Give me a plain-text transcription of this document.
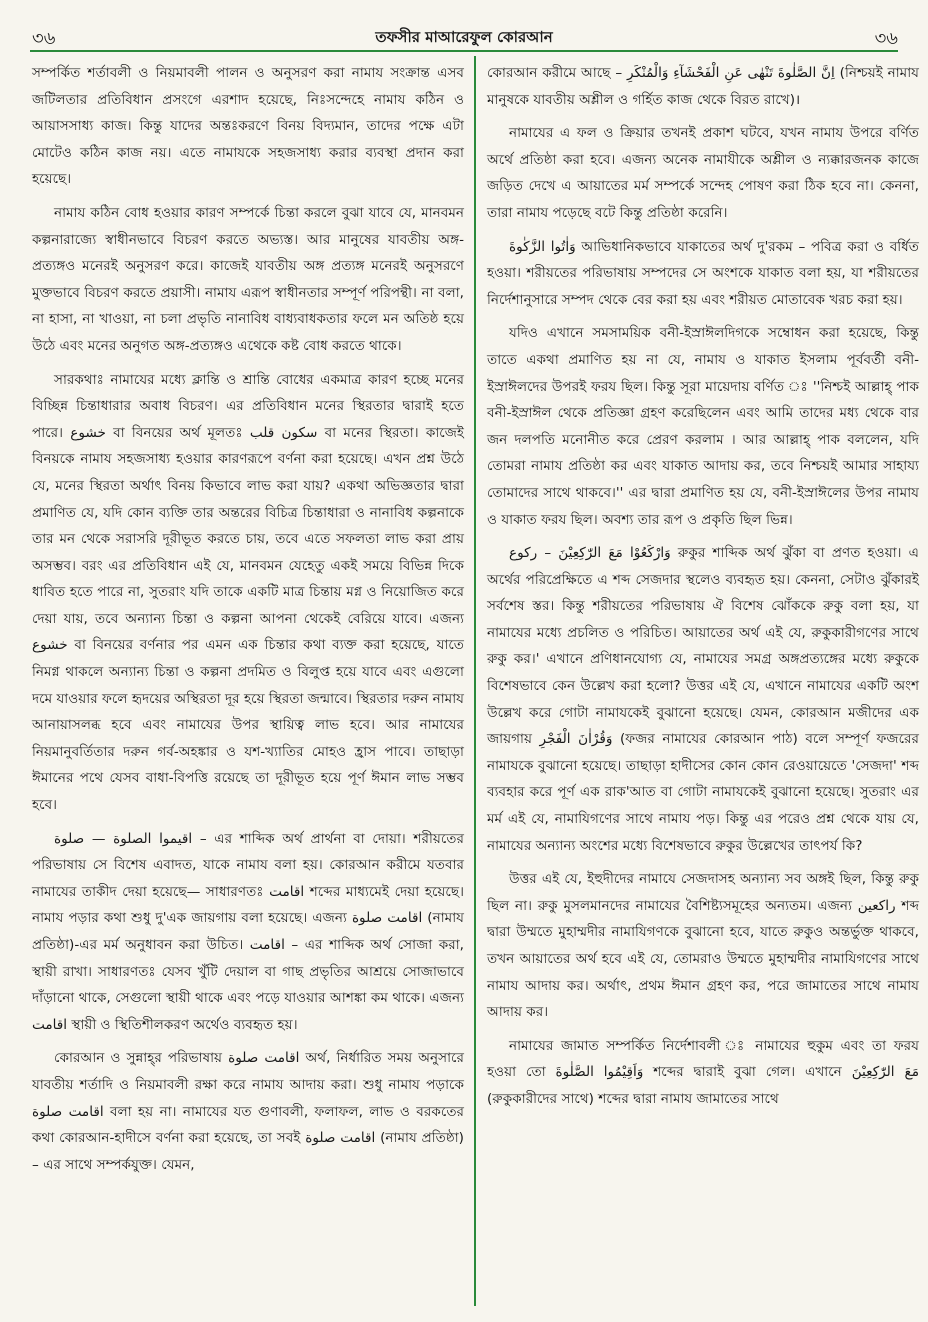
৩৬	তফসীর মাআরেফুল কোরআন	৩৬

সম্পর্কিত শর্তাবলী ও নিয়মাবলী পালন ও অনুসরণ করা নামায সংক্রান্ত এসব জটিলতার প্রতিবিধান প্রসংগে এরশাদ হয়েছে, নিঃসন্দেহে নামায কঠিন ও আয়াসসাধ্য কাজ। কিন্তু যাদের অন্তঃকরণে বিনয় বিদ্যমান, তাদের পক্ষে এটা মোটেও কঠিন কাজ নয়। এতে নামাযকে সহজসাধ্য করার ব্যবস্থা প্রদান করা হয়েছে।

নামায কঠিন বোধ হওয়ার কারণ সম্পর্কে চিন্তা করলে বুঝা যাবে যে, মানবমন কল্পনারাজ্যে স্বাধীনভাবে বিচরণ করতে অভ্যস্ত। আর মানুষের যাবতীয় অঙ্গ-প্রত্যঙ্গও মনেরই অনুসরণ করে। কাজেই যাবতীয় অঙ্গ প্রত্যঙ্গ মনেরই অনুসরণে মুক্তভাবে বিচরণ করতে প্রয়াসী। নামায এরূপ স্বাধীনতার সম্পূর্ণ পরিপন্থী। না বলা, না হাসা, না খাওয়া, না চলা প্রভৃতি নানাবিধ বাধ্যবাধকতার ফলে মন অতিষ্ঠ হয়ে উঠে এবং মনের অনুগত অঙ্গ-প্রত্যঙ্গও এথেকে কষ্ট বোধ করতে থাকে।

সারকথাঃ নামাযের মধ্যে ক্লান্তি ও শ্রান্তি বোধের একমাত্র কারণ হচ্ছে মনের বিচ্ছিন্ন চিন্তাধারার অবাধ বিচরণ। এর প্রতিবিধান মনের স্থিরতার দ্বারাই হতে পারে। خشوع বা বিনয়ের অর্থ মূলতঃ سكون قلب বা মনের স্থিরতা। কাজেই বিনয়কে নামায সহজসাধ্য হওয়ার কারণরূপে বর্ণনা করা হয়েছে। এখন প্রশ্ন উঠে যে, মনের স্থিরতা অর্থাৎ বিনয় কিভাবে লাভ করা যায়? একথা অভিজ্ঞতার দ্বারা প্রমাণিত যে, যদি কোন ব্যক্তি তার অন্তরের বিচিত্র চিন্তাধারা ও নানাবিধ কল্পনাকে তার মন থেকে সরাসরি দূরীভূত করতে চায়, তবে এতে সফলতা লাভ করা প্রায় অসম্ভব। বরং এর প্রতিবিধান এই যে, মানবমন যেহেতু একই সময়ে বিভিন্ন দিকে ধাবিত হতে পারে না, সুতরাং যদি তাকে একটি মাত্র চিন্তায় মগ্ন ও নিয়োজিত করে দেয়া যায়, তবে অন্যান্য চিন্তা ও কল্পনা আপনা থেকেই বেরিয়ে যাবে। এজন্য خشوع বা বিনয়ের বর্ণনার পর এমন এক চিন্তার কথা ব্যক্ত করা হয়েছে, যাতে নিমগ্ন থাকলে অন্যান্য চিন্তা ও কল্পনা প্রদমিত ও বিলুপ্ত হয়ে যাবে এবং এগুলো দমে যাওয়ার ফলে হৃদয়ের অস্থিরতা দূর হয়ে স্থিরতা জন্মাবে। স্থিরতার দরুন নামায আনায়াসলব্ধ হবে এবং নামাযের উপর স্থায়িত্ব লাভ হবে। আর নামাযের নিয়মানুবর্তিতার দরুন গর্ব-অহঙ্কার ও যশ-খ্যাতির মোহও হ্রাস পাবে। তাছাড়া ঈমানের পথে যেসব বাধা-বিপত্তি রয়েছে তা দূরীভূত হয়ে পূর্ণ ঈমান লাভ সম্ভব হবে।

اقيموا الصلوة — صلوة – এর শাব্দিক অর্থ প্রার্থনা বা দোয়া। শরীয়তের পরিভাষায় সে বিশেষ এবাদত, যাকে নামায বলা হয়। কোরআন করীমে যতবার নামাযের তাকীদ দেয়া হয়েছে— সাধারণতঃ اقامت শব্দের মাধ্যমেই দেয়া হয়েছে। নামায পড়ার কথা শুধু দু'এক জায়গায় বলা হয়েছে। এজন্য اقامت صلوة (নামায প্রতিষ্ঠা)-এর মর্ম অনুধাবন করা উচিত। اقامت – এর শাব্দিক অর্থ সোজা করা, স্থায়ী রাখা। সাধারণতঃ যেসব খুঁটি দেয়াল বা গাছ প্রভৃতির আশ্রয়ে সোজাভাবে দাঁড়ানো থাকে, সেগুলো স্থায়ী থাকে এবং পড়ে যাওয়ার আশঙ্কা কম থাকে। এজন্য اقامت স্থায়ী ও স্থিতিশীলকরণ অর্থেও ব্যবহৃত হয়।

কোরআন ও সুন্নাহ্‌র পরিভাষায় اقامت صلوة অর্থ, নির্ধারিত সময় অনুসারে যাবতীয় শর্তাদি ও নিয়মাবলী রক্ষা করে নামায আদায় করা। শুধু নামায পড়াকে اقامت صلوة বলা হয় না। নামাযের যত গুণাবলী, ফলাফল, লাভ ও বরকতের কথা কোরআন-হাদীসে বর্ণনা করা হয়েছে, তা সবই اقامت صلوة (নামায প্রতিষ্ঠা) – এর সাথে সম্পর্কযুক্ত। যেমন,

কোরআন করীমে আছে – اِنَّ الصَّلٰوةَ تَنْهٰى عَنِ الْفَحْشَآءِ وَالْمُنْكَرِ (নিশ্চয়ই নামায মানুষকে যাবতীয় অশ্লীল ও গর্হিত কাজ থেকে বিরত রাখে)।

নামাযের এ ফল ও ক্রিয়ার তখনই প্রকাশ ঘটবে, যখন নামায উপরে বর্ণিত অর্থে প্রতিষ্ঠা করা হবে। এজন্য অনেক নামাযীকে অশ্লীল ও ন্যক্কারজনক কাজে জড়িত দেখে এ আয়াতের মর্ম সম্পর্কে সন্দেহ পোষণ করা ঠিক হবে না। কেননা, তারা নামায পড়েছে বটে কিন্তু প্রতিষ্ঠা করেনি।

وَاٰتُوا الزَّكٰوةَ আভিধানিকভাবে যাকাতের অর্থ দু'রকম – পবিত্র করা ও বর্ধিত হওয়া। শরীয়তের পরিভাষায় সম্পদের সে অংশকে যাকাত বলা হয়, যা শরীয়তের নির্দেশানুসারে সম্পদ থেকে বের করা হয় এবং শরীয়ত মোতাবেক খরচ করা হয়।

যদিও এখানে সমসাময়িক বনী-ইস্রাঈলদিগকে সম্বোধন করা হয়েছে, কিন্তু তাতে একথা প্রমাণিত হয় না যে, নামায ও যাকাত ইসলাম পূর্ববর্তী বনী-ইস্রাঈলদের উপরই ফরয ছিল। কিন্তু সূরা মায়েদায় বর্ণিত ঃ ''নিশ্চই আল্লাহ্‌ পাক বনী-ইস্রাঈল থেকে প্রতিজ্ঞা গ্রহণ করেছিলেন এবং আমি তাদের মধ্য থেকে বার জন দলপতি মনোনীত করে প্রেরণ করলাম । আর আল্লাহ্‌ পাক বললেন, যদি তোমরা নামায প্রতিষ্ঠা কর এবং যাকাত আদায় কর, তবে নিশ্চয়ই আমার সাহায্য তোমাদের সাথে থাকবে।'' এর দ্বারা প্রমাণিত হয় যে, বনী-ইস্রাঈলের উপর নামায ও যাকাত ফরয ছিল। অবশ্য তার রূপ ও প্রকৃতি ছিল ভিন্ন।

وَارْكَعُوْا مَعَ الرّٰكِعِيْنَ – ركوع রুকুর শাব্দিক অর্থ ঝুঁকা বা প্রণত হওয়া। এ অর্থের পরিপ্রেক্ষিতে এ শব্দ সেজদার স্থলেও ব্যবহৃত হয়। কেননা, সেটাও ঝুঁকারই সর্বশেষ স্তর। কিন্তু শরীয়তের পরিভাষায় ঐ বিশেষ ঝোঁককে রুকু বলা হয়, যা নামাযের মধ্যে প্রচলিত ও পরিচিত। আয়াতের অর্থ এই যে, রুকুকারীগণের সাথে রুকু কর।' এখানে প্রণিধানযোগ্য যে, নামাযের সমগ্র অঙ্গপ্রত্যঙ্গের মধ্যে রুকুকে বিশেষভাবে কেন উল্লেখ করা হলো? উত্তর এই যে, এখানে নামাযের একটি অংশ উল্লেখ করে গোটা নামাযকেই বুঝানো হয়েছে। যেমন, কোরআন মজীদের এক জায়গায় وَقُرْاٰنَ الْفَجْرِ (ফজর নামাযের কোরআন পাঠ) বলে সম্পূর্ণ ফজরের নামাযকে বুঝানো হয়েছে। তাছাড়া হাদীসের কোন কোন রেওয়ায়েতে 'সেজদা' শব্দ ব্যবহার করে পূর্ণ এক রাক'আত বা গোটা নামাযকেই বুঝানো হয়েছে। সুতরাং এর মর্ম এই যে, নামাযিগণের সাথে নামায পড়। কিন্তু এর পরেও প্রশ্ন থেকে যায় যে, নামাযের অন্যান্য অংশের মধ্যে বিশেষভাবে রুকুর উল্লেখের তাৎপর্য কি?

উত্তর এই যে, ইহুদীদের নামাযে সেজদাসহ অন্যান্য সব অঙ্গই ছিল, কিন্তু রুকু ছিল না। রুকু মুসলমানদের নামাযের বৈশিষ্ট্যসমূহের অন্যতম। এজন্য راكعين শব্দ দ্বারা উম্মতে মুহাম্মদীর নামাযিগণকে বুঝানো হবে, যাতে রুকুও অন্তর্ভুক্ত থাকবে, তখন আয়াতের অর্থ হবে এই যে, তোমরাও উম্মতে মুহাম্মদীর নামাযিগণের সাথে নামায আদায় কর। অর্থাৎ, প্রথম ঈমান গ্রহণ কর, পরে জামাতের সাথে নামায আদায় কর।

নামাযের জামাত সম্পর্কিত নির্দেশাবলী ঃ নামাযের হুকুম এবং তা ফরয হওয়া তো وَاَقِيْمُوا الصَّلٰوةَ শব্দের দ্বারাই বুঝা গেল। এখানে مَعَ الرّٰكِعِيْنَ (রুকুকারীদের সাথে) শব্দের দ্বারা নামায জামাতের সাথে
